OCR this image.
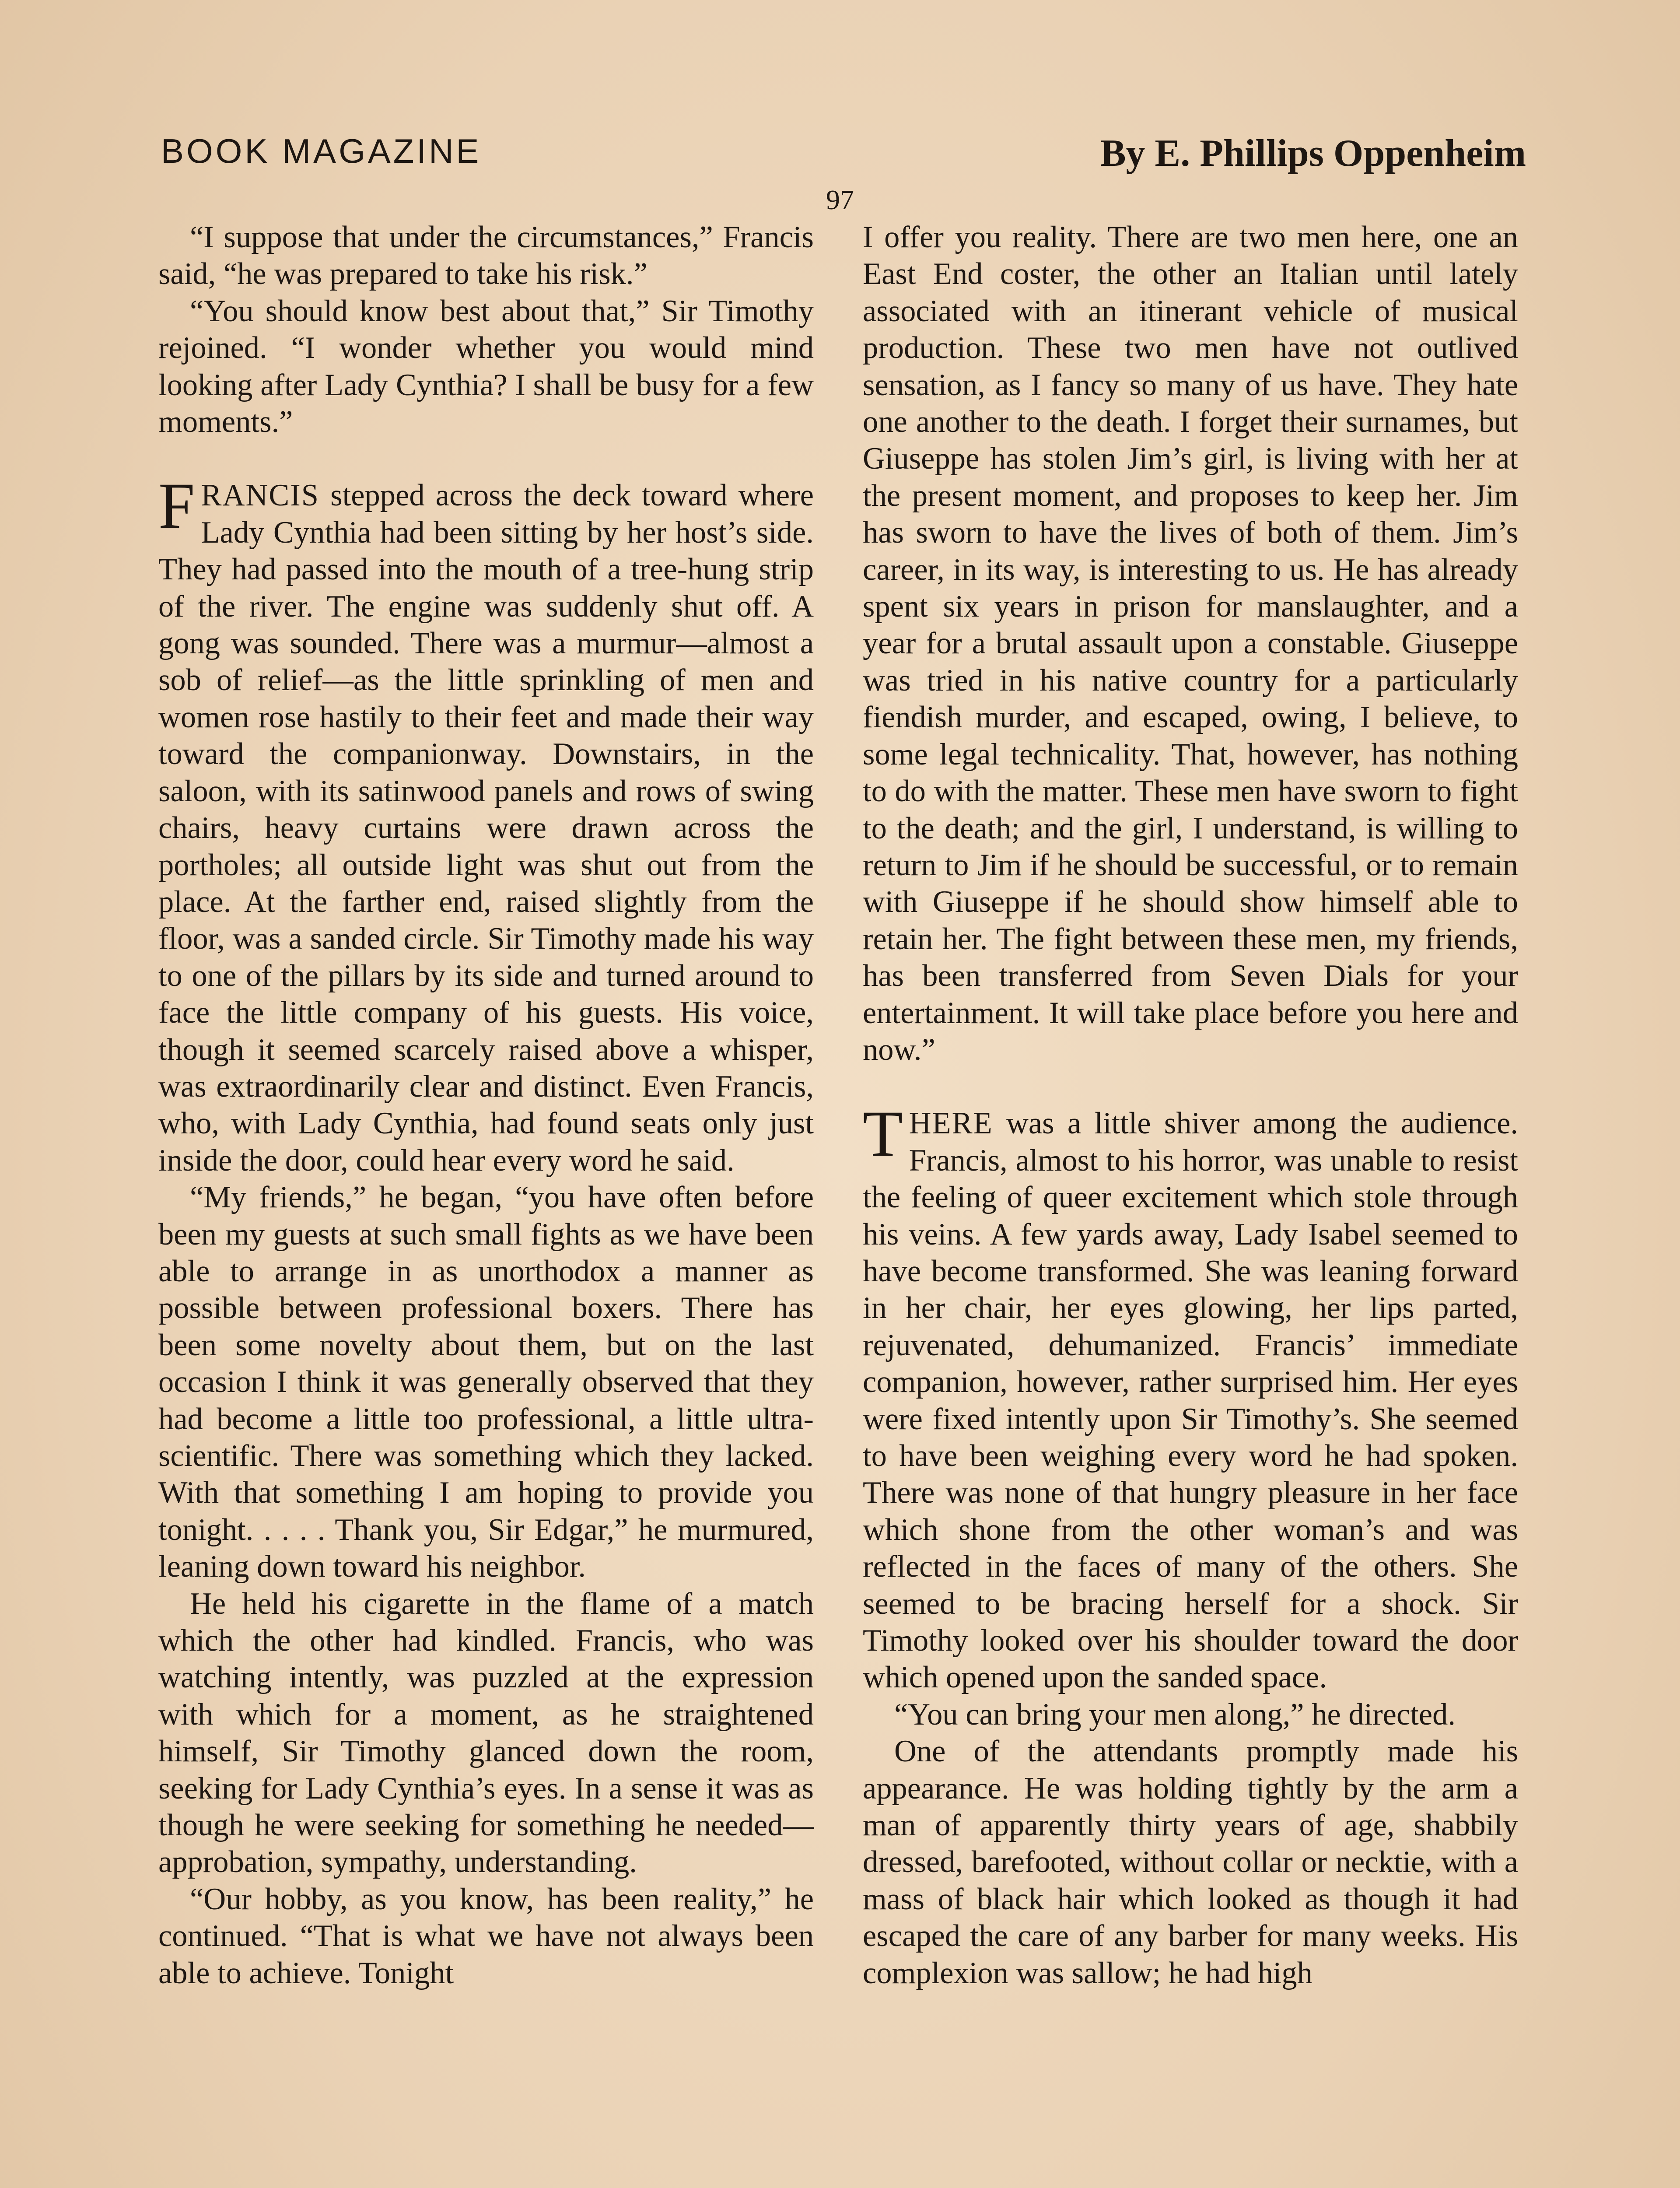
BOOK MAGAZINE	By E. Phillips Oppenheim
97

“I suppose that under the circumstances,” Francis said, “he was prepared to take his risk.”

“You should know best about that,” Sir Timothy rejoined. “I wonder whether you would mind looking after Lady Cynthia? I shall be busy for a few moments.”

FRANCIS stepped across the deck toward where Lady Cynthia had been sitting by her host’s side. They had passed into the mouth of a tree-hung strip of the river. The engine was suddenly shut off. A gong was sounded. There was a murmur—almost a sob of relief—as the little sprinkling of men and women rose hastily to their feet and made their way toward the companionway. Downstairs, in the saloon, with its satinwood panels and rows of swing chairs, heavy curtains were drawn across the portholes; all outside light was shut out from the place. At the farther end, raised slightly from the floor, was a sanded circle. Sir Timothy made his way to one of the pillars by its side and turned around to face the little company of his guests. His voice, though it seemed scarcely raised above a whisper, was extraordinarily clear and distinct. Even Francis, who, with Lady Cynthia, had found seats only just inside the door, could hear every word he said.

“My friends,” he began, “you have often before been my guests at such small fights as we have been able to arrange in as unorthodox a manner as possible between professional boxers. There has been some novelty about them, but on the last occasion I think it was generally observed that they had become a little too professional, a little ultra-scientific. There was something which they lacked. With that something I am hoping to provide you tonight. . . . . Thank you, Sir Edgar,” he murmured, leaning down toward his neighbor.

He held his cigarette in the flame of a match which the other had kindled. Francis, who was watching intently, was puzzled at the expression with which for a moment, as he straightened himself, Sir Timothy glanced down the room, seeking for Lady Cynthia’s eyes. In a sense it was as though he were seeking for something he needed—approbation, sympathy, understanding.

“Our hobby, as you know, has been reality,” he continued. “That is what we have not always been able to achieve. Tonight

I offer you reality. There are two men here, one an East End coster, the other an Italian until lately associated with an itinerant vehicle of musical production. These two men have not outlived sensation, as I fancy so many of us have. They hate one another to the death. I forget their surnames, but Giuseppe has stolen Jim’s girl, is living with her at the present moment, and proposes to keep her. Jim has sworn to have the lives of both of them. Jim’s career, in its way, is interesting to us. He has already spent six years in prison for manslaughter, and a year for a brutal assault upon a constable. Giuseppe was tried in his native country for a particularly fiendish murder, and escaped, owing, I believe, to some legal technicality. That, however, has nothing to do with the matter. These men have sworn to fight to the death; and the girl, I understand, is willing to return to Jim if he should be successful, or to remain with Giuseppe if he should show himself able to retain her. The fight between these men, my friends, has been transferred from Seven Dials for your entertainment. It will take place before you here and now.”

THERE was a little shiver among the audience. Francis, almost to his horror, was unable to resist the feeling of queer excitement which stole through his veins. A few yards away, Lady Isabel seemed to have become transformed. She was leaning forward in her chair, her eyes glowing, her lips parted, rejuvenated, dehumanized. Francis’ immediate companion, however, rather surprised him. Her eyes were fixed intently upon Sir Timothy’s. She seemed to have been weighing every word he had spoken. There was none of that hungry pleasure in her face which shone from the other woman’s and was reflected in the faces of many of the others. She seemed to be bracing herself for a shock. Sir Timothy looked over his shoulder toward the door which opened upon the sanded space.

“You can bring your men along,” he directed.

One of the attendants promptly made his appearance. He was holding tightly by the arm a man of apparently thirty years of age, shabbily dressed, barefooted, without collar or necktie, with a mass of black hair which looked as though it had escaped the care of any barber for many weeks. His complexion was sallow; he had high
